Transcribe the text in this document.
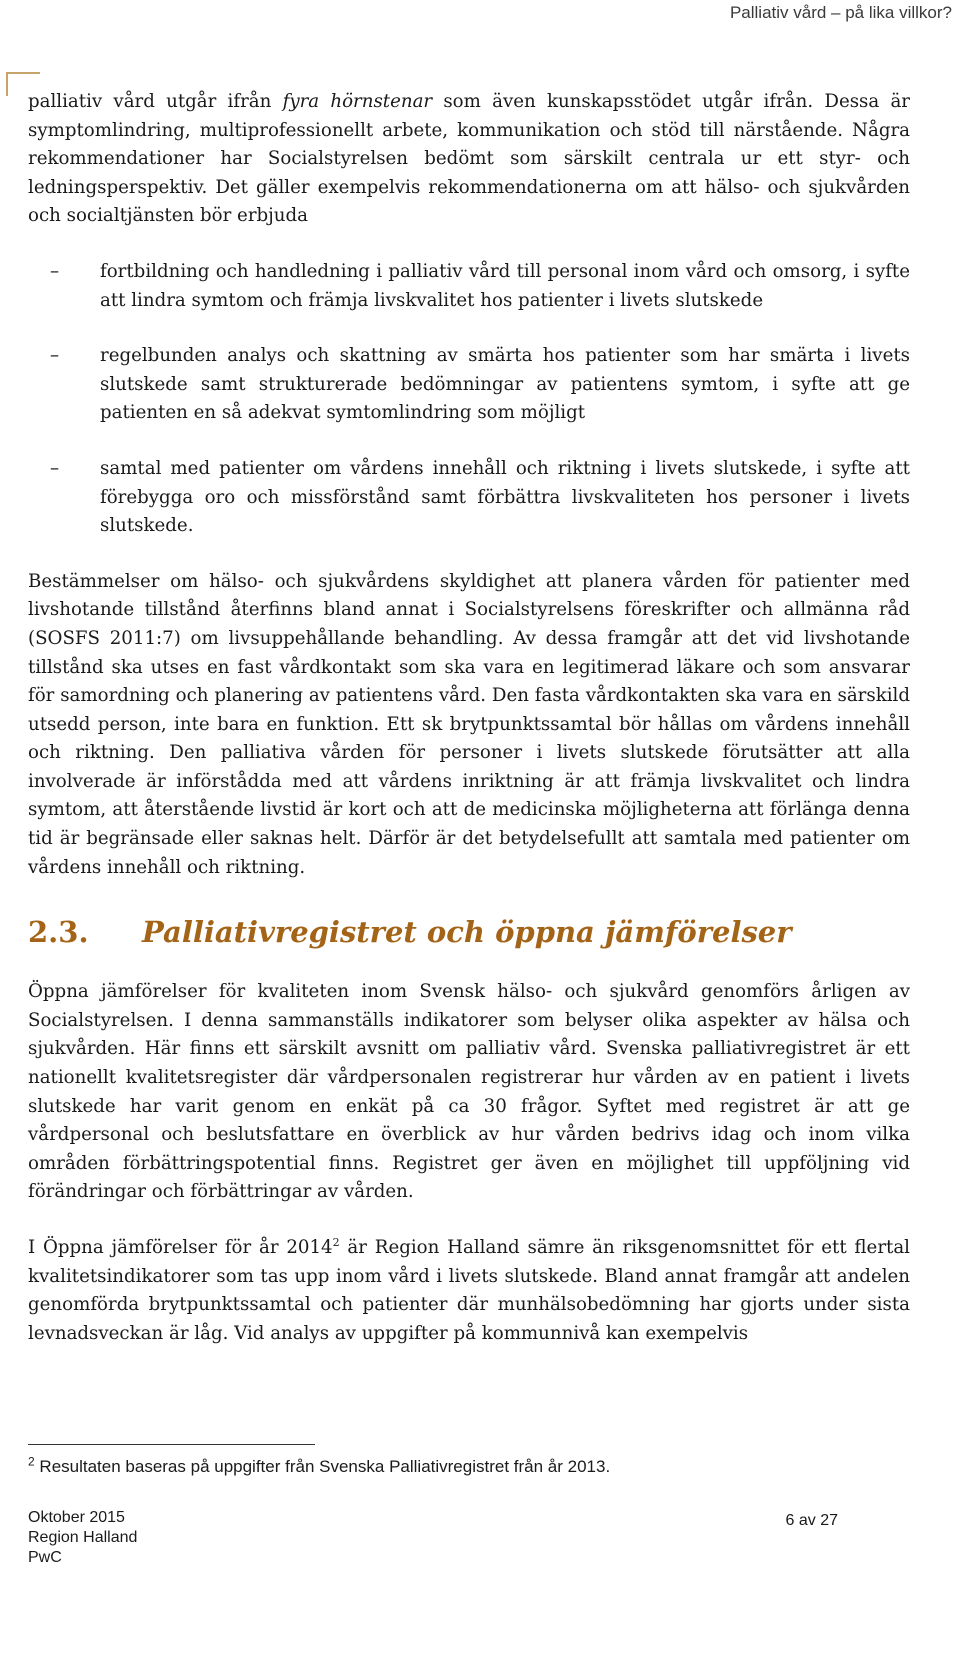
Palliativ vård – på lika villkor?

palliativ vård utgår ifrån fyra hörnstenar som även kunskapsstödet utgår ifrån. Dessa är symptomlindring, multiprofessionellt arbete, kommunikation och stöd till närstående. Några rekommendationer har Socialstyrelsen bedömt som särskilt centrala ur ett styr- och ledningsperspektiv. Det gäller exempelvis rekommendationerna om att hälso- och sjukvården och socialtjänsten bör erbjuda

– fortbildning och handledning i palliativ vård till personal inom vård och omsorg, i syfte att lindra symtom och främja livskvalitet hos patienter i livets slutskede
– regelbunden analys och skattning av smärta hos patienter som har smärta i livets slutskede samt strukturerade bedömningar av patientens symtom, i syfte att ge patienten en så adekvat symtomlindring som möjligt
– samtal med patienter om vårdens innehåll och riktning i livets slutskede, i syfte att förebygga oro och missförstånd samt förbättra livskvaliteten hos personer i livets slutskede.

Bestämmelser om hälso- och sjukvårdens skyldighet att planera vården för patienter med livshotande tillstånd återfinns bland annat i Socialstyrelsens föreskrifter och allmänna råd (SOSFS 2011:7) om livsuppehållande behandling. Av dessa framgår att det vid livshotande tillstånd ska utses en fast vårdkontakt som ska vara en legitimerad läkare och som ansvarar för samordning och planering av patientens vård. Den fasta vårdkontakten ska vara en särskild utsedd person, inte bara en funktion. Ett sk brytpunktssamtal bör hållas om vårdens innehåll och riktning. Den palliativa vården för personer i livets slutskede förutsätter att alla involverade är införstådda med att vårdens inriktning är att främja livskvalitet och lindra symtom, att återstående livstid är kort och att de medicinska möjligheterna att förlänga denna tid är begränsade eller saknas helt. Därför är det betydelsefullt att samtala med patienter om vårdens innehåll och riktning.

2.3. Palliativregistret och öppna jämförelser

Öppna jämförelser för kvaliteten inom Svensk hälso- och sjukvård genomförs årligen av Socialstyrelsen. I denna sammanställs indikatorer som belyser olika aspekter av hälsa och sjukvården. Här finns ett särskilt avsnitt om palliativ vård. Svenska palliativregistret är ett nationellt kvalitetsregister där vårdpersonalen registrerar hur vården av en patient i livets slutskede har varit genom en enkät på ca 30 frågor. Syftet med registret är att ge vårdpersonal och beslutsfattare en överblick av hur vården bedrivs idag och inom vilka områden förbättringspotential finns. Registret ger även en möjlighet till uppföljning vid förändringar och förbättringar av vården.

I Öppna jämförelser för år 2014$^2$ är Region Halland sämre än riksgenomsnittet för ett flertal kvalitetsindikatorer som tas upp inom vård i livets slutskede. Bland annat framgår att andelen genomförda brytpunktssamtal och patienter där munhälsobedömning har gjorts under sista levnadsveckan är låg. Vid analys av uppgifter på kommunnivå kan exempelvis

$^2$ Resultaten baseras på uppgifter från Svenska Palliativregistret från år 2013.
Oktober 2015
Region Halland
PwC
6 av 27
